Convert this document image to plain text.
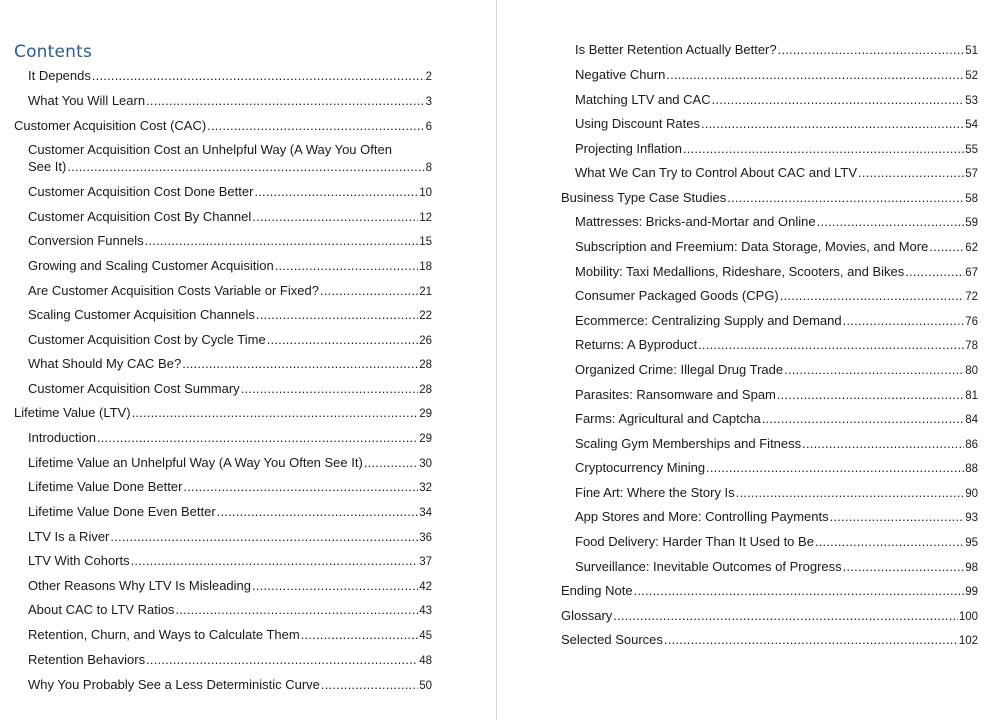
Contents
It Depends .....	2
What You Will Learn .....	3
Customer Acquisition Cost (CAC) .....	6
Customer Acquisition Cost an Unhelpful Way (A Way You Often
See It) .....	8
Customer Acquisition Cost Done Better .....	10
Customer Acquisition Cost By Channel .....	12
Conversion Funnels .....	15
Growing and Scaling Customer Acquisition .....	18
Are Customer Acquisition Costs Variable or Fixed? .....	21
Scaling Customer Acquisition Channels .....	22
Customer Acquisition Cost by Cycle Time .....	26
What Should My CAC Be? .....	28
Customer Acquisition Cost Summary .....	28
Lifetime Value (LTV) .....	29
Introduction .....	29
Lifetime Value an Unhelpful Way (A Way You Often See It) .....	30
Lifetime Value Done Better .....	32
Lifetime Value Done Even Better .....	34
LTV Is a River .....	36
LTV With Cohorts .....	37
Other Reasons Why LTV Is Misleading .....	42
About CAC to LTV Ratios .....	43
Retention, Churn, and Ways to Calculate Them .....	45
Retention Behaviors .....	48
Why You Probably See a Less Deterministic Curve .....	50
Is Better Retention Actually Better? .....	51
Negative Churn .....	52
Matching LTV and CAC .....	53
Using Discount Rates .....	54
Projecting Inflation .....	55
What We Can Try to Control About CAC and LTV .....	57
Business Type Case Studies .....	58
Mattresses: Bricks-and-Mortar and Online .....	59
Subscription and Freemium: Data Storage, Movies, and More .....	62
Mobility: Taxi Medallions, Rideshare, Scooters, and Bikes .....	67
Consumer Packaged Goods (CPG) .....	72
Ecommerce: Centralizing Supply and Demand .....	76
Returns: A Byproduct .....	78
Organized Crime: Illegal Drug Trade .....	80
Parasites: Ransomware and Spam .....	81
Farms: Agricultural and Captcha .....	84
Scaling Gym Memberships and Fitness .....	86
Cryptocurrency Mining .....	88
Fine Art: Where the Story Is .....	90
App Stores and More: Controlling Payments .....	93
Food Delivery: Harder Than It Used to Be .....	95
Surveillance: Inevitable Outcomes of Progress .....	98
Ending Note .....	99
Glossary .....	100
Selected Sources .....	102
